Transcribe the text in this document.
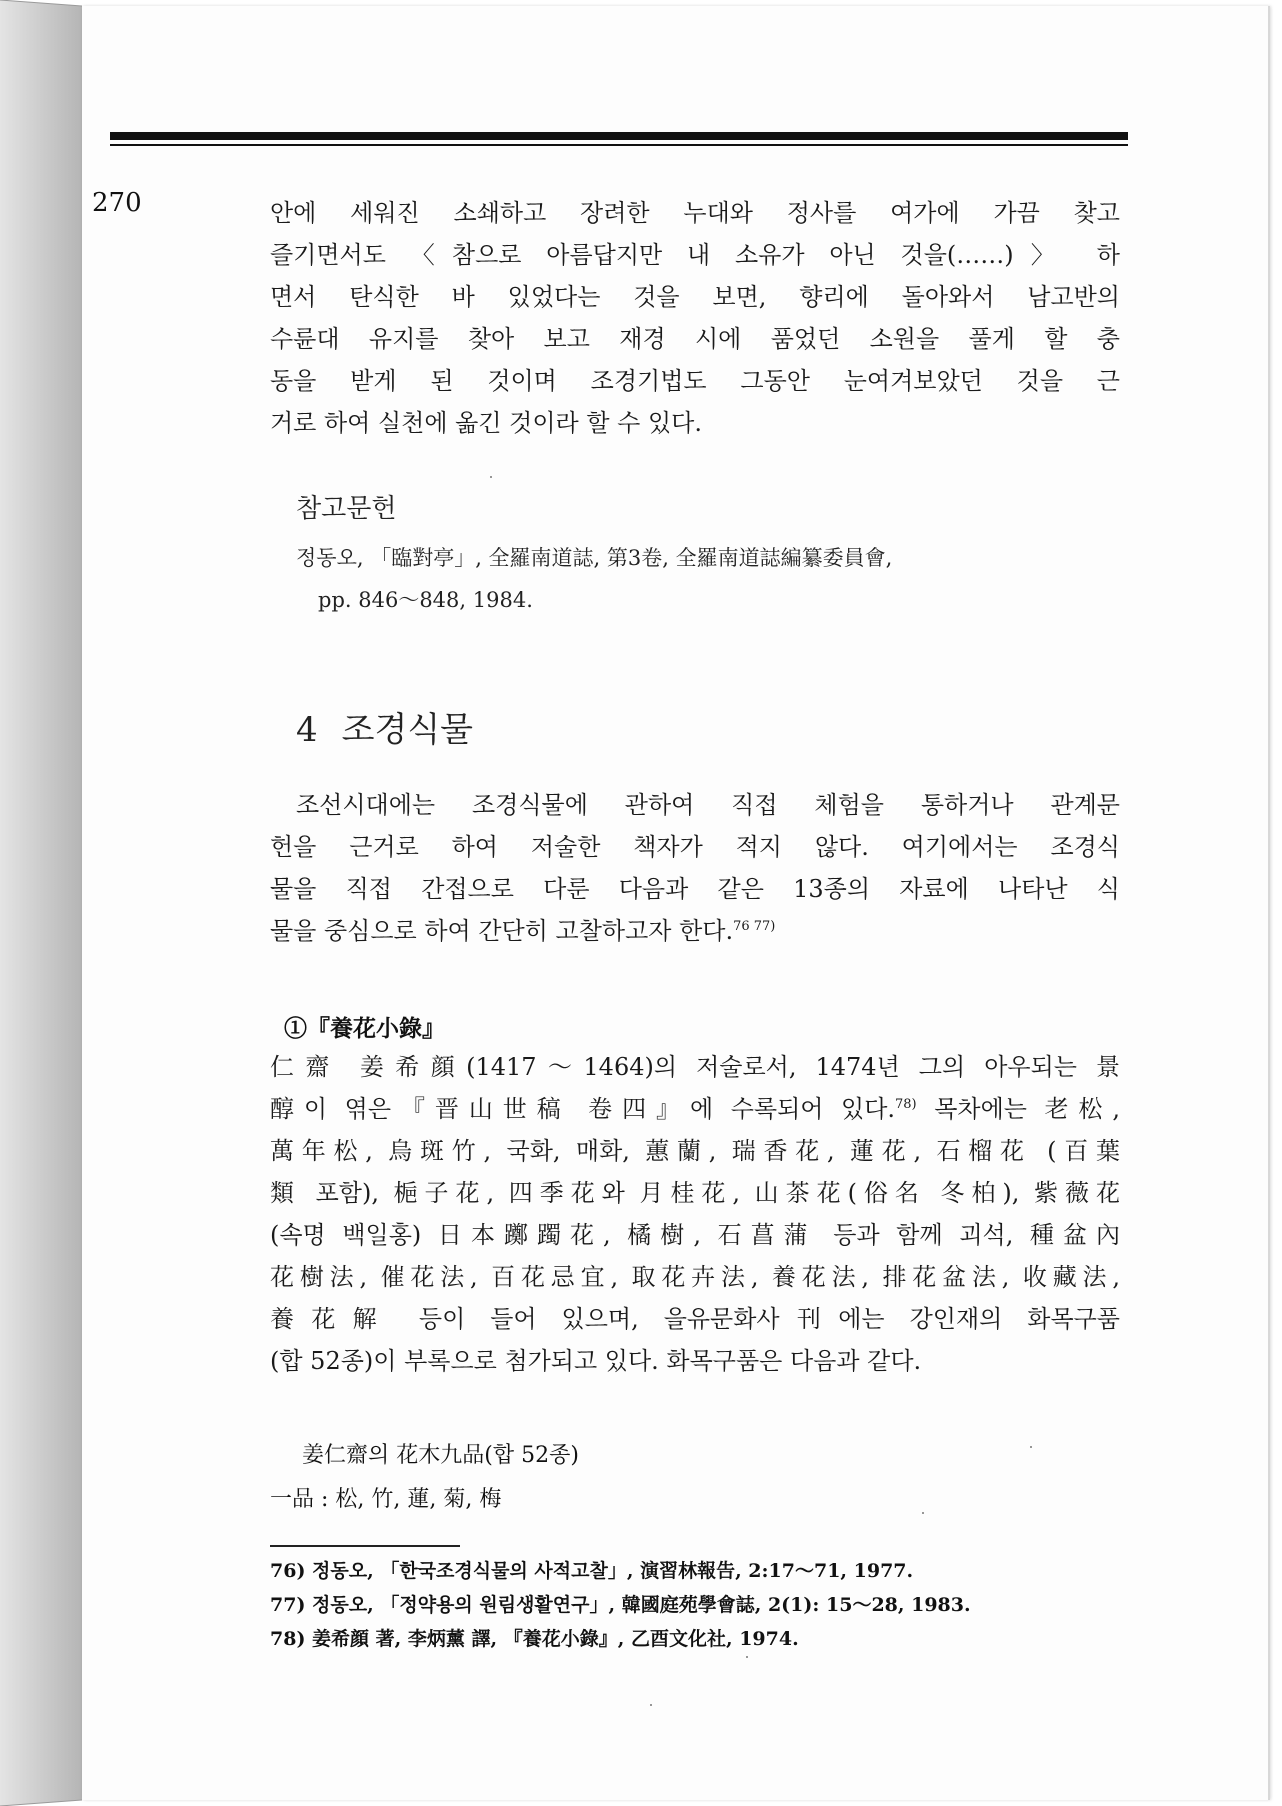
270	안에 세워진 소쇄하고 장려한 누대와 정사를 여가에 가끔 찾고
즐기면서도 〈참으로 아름답지만 내 소유가 아닌 것을(……)〉 하
면서 탄식한 바 있었다는 것을 보면, 향리에 돌아와서 남고반의
수륜대 유지를 찾아 보고 재경 시에 품었던 소원을 풀게 할 충
동을 받게 된 것이며 조경기법도 그동안 눈여겨보았던 것을 근
거로 하여 실천에 옮긴 것이라 할 수 있다.
참고문헌
정동오, 「臨對亭」, 全羅南道誌, 第3卷, 全羅南道誌編纂委員會,
pp. 846～848, 1984.
4 조경식물
조선시대에는 조경식물에 관하여 직접 체험을 통하거나 관계문
헌을 근거로 하여 저술한 책자가 적지 않다. 여기에서는 조경식
물을 직접 간접으로 다룬 다음과 같은 13종의 자료에 나타난 식
물을 중심으로 하여 간단히 고찰하고자 한다.$^{76 77)}$
①『養花小錄』
仁齋 姜希顔(1417～1464)의 저술로서, 1474년 그의 아우되는 景
醇이 엮은『晋山世稿 卷四』에 수록되어 있다.$^{78)}$ 목차에는 老松,
萬年松, 烏斑竹, 국화, 매화, 蕙蘭, 瑞香花, 蓮花, 石榴花 (百葉
類 포함), 梔子花, 四季花와 月桂花, 山茶花(俗名 冬柏), 紫薇花
(속명 백일홍) 日本躑躅花, 橘樹, 石菖蒲 등과 함께 괴석, 種盆內
花樹法, 催花法, 百花忌宜, 取花卉法, 養花法, 排花盆法, 收藏法,
養花解 등이 들어 있으며, 을유문화사刊에는 강인재의 화목구품
(합 52종)이 부록으로 첨가되고 있다. 화목구품은 다음과 같다.
姜仁齋의 花木九品(합 52종)
一品 : 松, 竹, 蓮, 菊, 梅
76) 정동오, 「한국조경식물의 사적고찰」, 演習林報告, 2:17～71, 1977.
77) 정동오, 「정약용의 원림생활연구」, 韓國庭苑學會誌, 2(1): 15～28, 1983.
78) 姜希顔 著, 李炳薰 譯, 『養花小錄』, 乙酉文化社, 1974.
